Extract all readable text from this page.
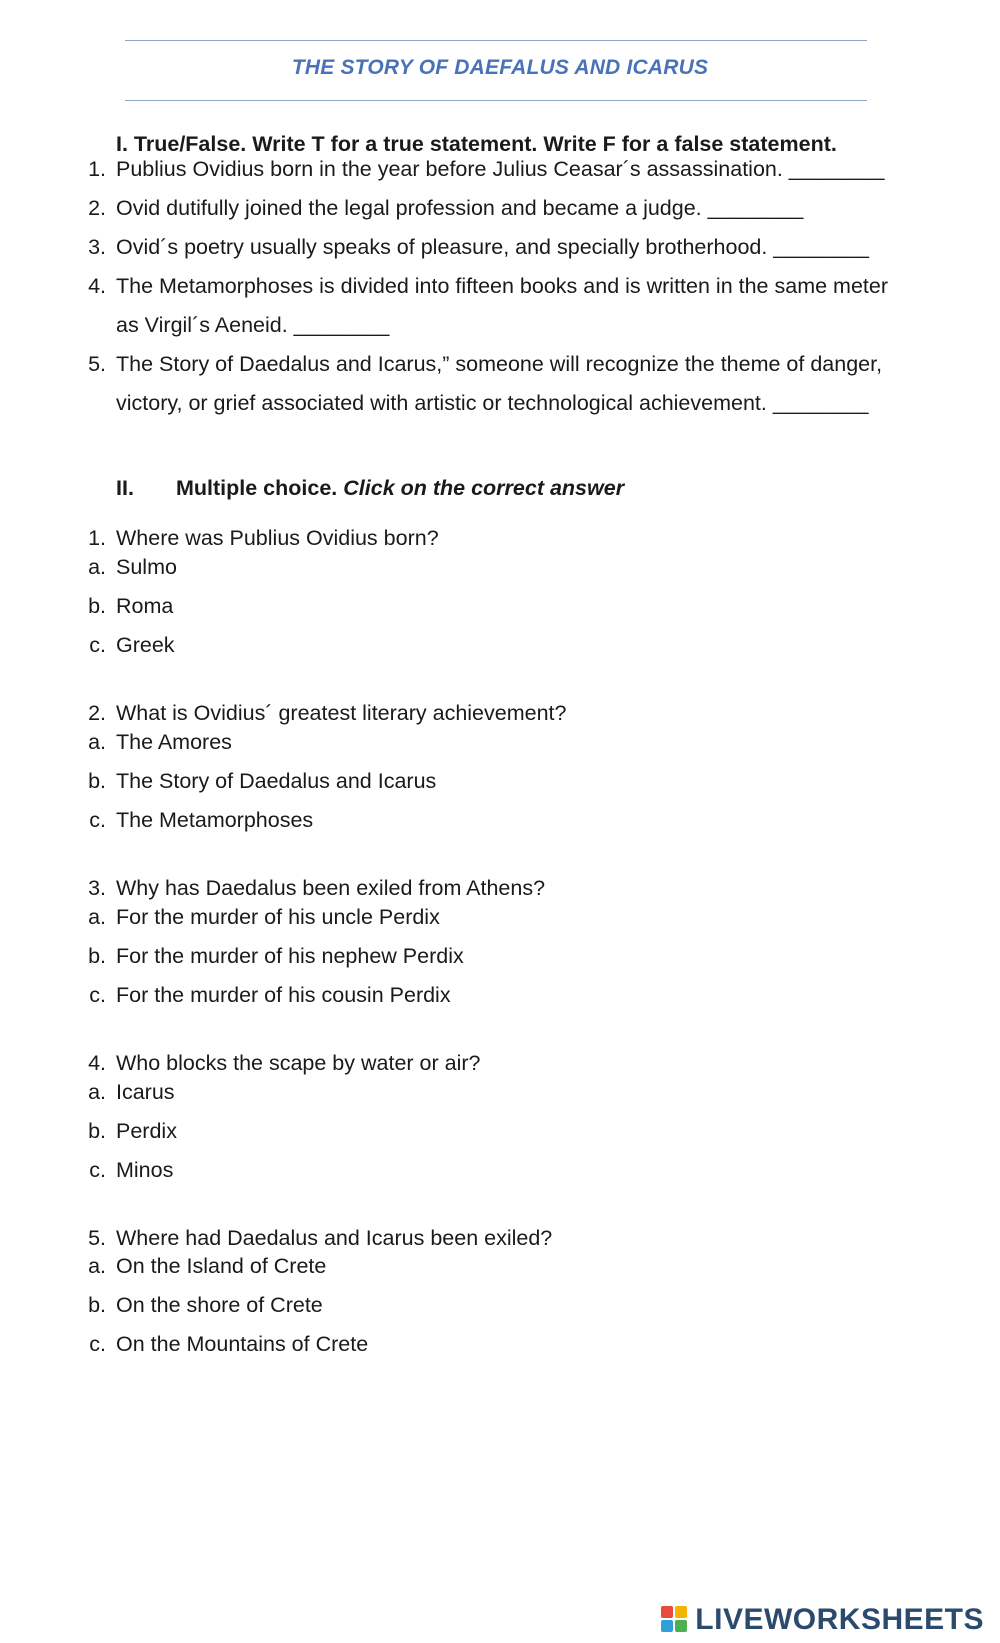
THE STORY OF DAEFALUS AND ICARUS
I. True/False. Write T for a true statement. Write F for a false statement.
1. Publius Ovidius born in the year before Julius Ceasar´s assassination. ________
2. Ovid dutifully joined the legal profession and became a judge. ________
3. Ovid´s poetry usually speaks of pleasure, and specially brotherhood. ________
4. The Metamorphoses is divided into fifteen books and is written in the same meter
as Virgil´s Aeneid. ________
5. The Story of Daedalus and Icarus,” someone will recognize the theme of danger,
victory, or grief associated with artistic or technological achievement. ________
II. Multiple choice. Click on the correct answer
1. Where was Publius Ovidius born?
a. Sulmo
b. Roma
c. Greek
2. What is Ovidius´ greatest literary achievement?
a. The Amores
b. The Story of Daedalus and Icarus
c. The Metamorphoses
3. Why has Daedalus been exiled from Athens?
a. For the murder of his uncle Perdix
b. For the murder of his nephew Perdix
c. For the murder of his cousin Perdix
4. Who blocks the scape by water or air?
a. Icarus
b. Perdix
c. Minos
5. Where had Daedalus and Icarus been exiled?
a. On the Island of Crete
b. On the shore of Crete
c. On the Mountains of Crete
LIVEWORKSHEETS
